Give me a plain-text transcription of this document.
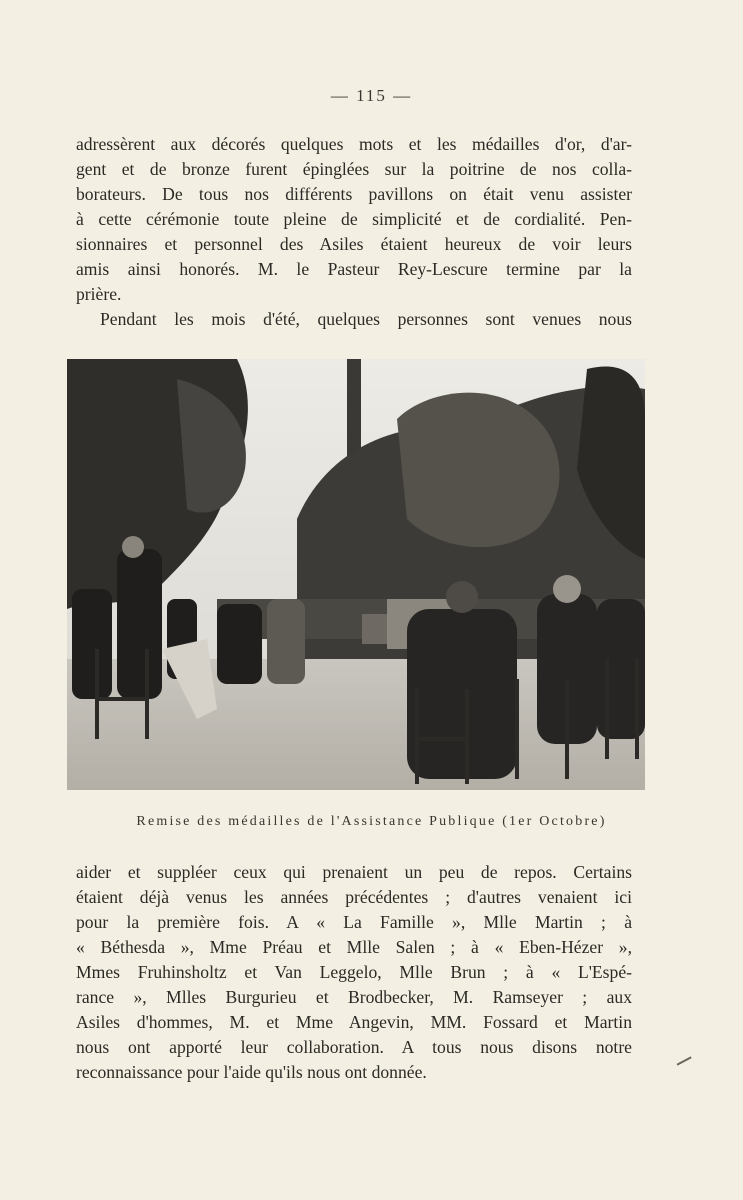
— 115 —
adressèrent aux décorés quelques mots et les médailles d'or, d'ar-
gent et de bronze furent épinglées sur la poitrine de nos colla-
borateurs. De tous nos différents pavillons on était venu assister
à cette cérémonie toute pleine de simplicité et de cordialité. Pen-
sionnaires et personnel des Asiles étaient heureux de voir leurs
amis ainsi honorés. M. le Pasteur Rey-Lescure termine par la
prière.
Pendant les mois d'été, quelques personnes sont venues nous
Remise des médailles de l'Assistance Publique (1er Octobre)
aider et suppléer ceux qui prenaient un peu de repos. Certains
étaient déjà venus les années précédentes ; d'autres venaient ici
pour la première fois. A « La Famille », Mlle Martin ; à
« Béthesda », Mme Préau et Mlle Salen ; à « Eben-Hézer »,
Mmes Fruhinsholtz et Van Leggelo, Mlle Brun ; à « L'Espé-
rance », Mlles Burgurieu et Brodbecker, M. Ramseyer ; aux
Asiles d'hommes, M. et Mme Angevin, MM. Fossard et Martin
nous ont apporté leur collaboration. A tous nous disons notre
reconnaissance pour l'aide qu'ils nous ont donnée.
